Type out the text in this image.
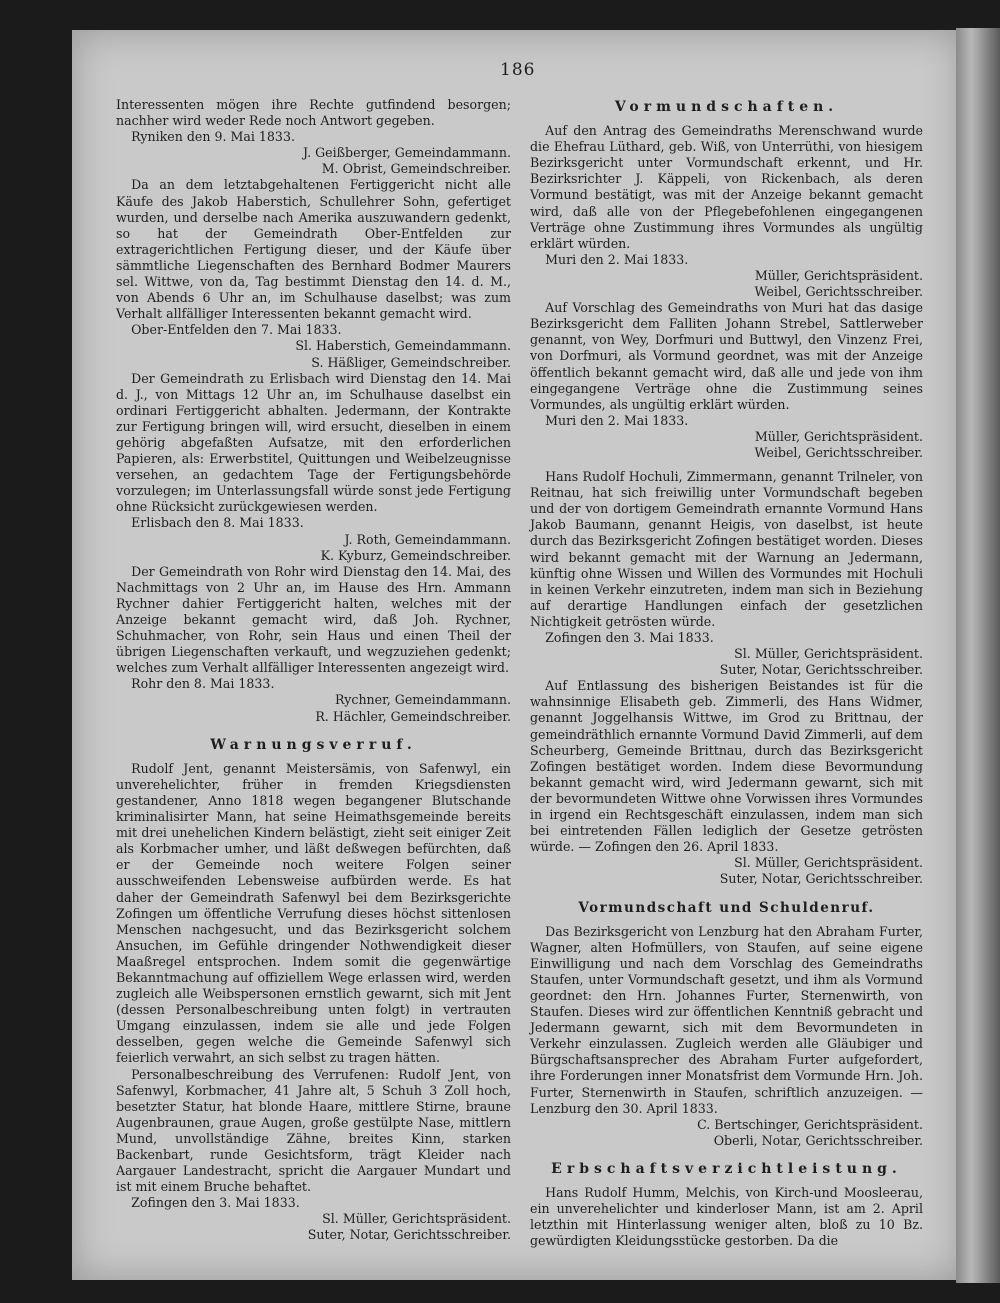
186

Interessenten mögen ihre Rechte gutfindend besorgen; nachher wird weder Rede noch Antwort gegeben.

Ryniken den 9. Mai 1833.

J. Geißberger, Gemeindammann.

M. Obrist, Gemeindschreiber.

Da an dem letztabgehaltenen Fertiggericht nicht alle Käufe des Jakob Haberstich, Schullehrer Sohn, gefertiget wurden, und derselbe nach Amerika auszuwandern gedenkt, so hat der Gemeindrath Ober-Entfelden zur extragerichtlichen Fertigung dieser, und der Käufe über sämmtliche Liegenschaften des Bernhard Bodmer Maurers sel. Wittwe, von da, Tag bestimmt Dienstag den 14. d. M., von Abends 6 Uhr an, im Schulhause daselbst; was zum Verhalt allfälliger Interessenten bekannt gemacht wird.

Ober-Entfelden den 7. Mai 1833.

Sl. Haberstich, Gemeindammann.

S. Häßliger, Gemeindschreiber.

Der Gemeindrath zu Erlisbach wird Dienstag den 14. Mai d. J., von Mittags 12 Uhr an, im Schulhause daselbst ein ordinari Fertiggericht abhalten. Jedermann, der Kontrakte zur Fertigung bringen will, wird ersucht, dieselben in einem gehörig abgefaßten Aufsatze, mit den erforderlichen Papieren, als: Erwerbstitel, Quittungen und Weibelzeugnisse versehen, an gedachtem Tage der Fertigungsbehörde vorzulegen; im Unterlassungsfall würde sonst jede Fertigung ohne Rücksicht zurückgewiesen werden.

Erlisbach den 8. Mai 1833.

J. Roth, Gemeindammann.

K. Kyburz, Gemeindschreiber.

Der Gemeindrath von Rohr wird Dienstag den 14. Mai, des Nachmittags von 2 Uhr an, im Hause des Hrn. Ammann Rychner dahier Fertiggericht halten, welches mit der Anzeige bekannt gemacht wird, daß Joh. Rychner, Schuhmacher, von Rohr, sein Haus und einen Theil der übrigen Liegenschaften verkauft, und wegzuziehen gedenkt; welches zum Verhalt allfälliger Interessenten angezeigt wird.

Rohr den 8. Mai 1833.

Rychner, Gemeindammann.

R. Hächler, Gemeindschreiber.

Warnungsverruf.

Rudolf Jent, genannt Meistersämis, von Safenwyl, ein unverehelichter, früher in fremden Kriegsdiensten gestandener, Anno 1818 wegen begangener Blutschande kriminalisirter Mann, hat seine Heimathsgemeinde bereits mit drei unehelichen Kindern belästigt, zieht seit einiger Zeit als Korbmacher umher, und läßt deßwegen befürchten, daß er der Gemeinde noch weitere Folgen seiner ausschweifenden Lebensweise aufbürden werde. Es hat daher der Gemeindrath Safenwyl bei dem Bezirksgerichte Zofingen um öffentliche Verrufung dieses höchst sittenlosen Menschen nachgesucht, und das Bezirksgericht solchem Ansuchen, im Gefühle dringender Nothwendigkeit dieser Maaßregel entsprochen. Indem somit die gegenwärtige Bekanntmachung auf offiziellem Wege erlassen wird, werden zugleich alle Weibspersonen ernstlich gewarnt, sich mit Jent (dessen Personalbeschreibung unten folgt) in vertrauten Umgang einzulassen, indem sie alle und jede Folgen desselben, gegen welche die Gemeinde Safenwyl sich feierlich verwahrt, an sich selbst zu tragen hätten.

Personalbeschreibung des Verrufenen: Rudolf Jent, von Safenwyl, Korbmacher, 41 Jahre alt, 5 Schuh 3 Zoll hoch, besetzter Statur, hat blonde Haare, mittlere Stirne, braune Augenbraunen, graue Augen, große gestülpte Nase, mittlern Mund, unvollständige Zähne, breites Kinn, starken Backenbart, runde Gesichtsform, trägt Kleider nach Aargauer Landestracht, spricht die Aargauer Mundart und ist mit einem Bruche behaftet.

Zofingen den 3. Mai 1833.

Sl. Müller, Gerichtspräsident.

Suter, Notar, Gerichtsschreiber.

Vormundschaften.

Auf den Antrag des Gemeindraths Merenschwand wurde die Ehefrau Lüthard, geb. Wiß, von Unterrüthi, von hiesigem Bezirksgericht unter Vormundschaft erkennt, und Hr. Bezirksrichter J. Käppeli, von Rickenbach, als deren Vormund bestätigt, was mit der Anzeige bekannt gemacht wird, daß alle von der Pflegebefohlenen eingegangenen Verträge ohne Zustimmung ihres Vormundes als ungültig erklärt würden.

Muri den 2. Mai 1833.

Müller, Gerichtspräsident.

Weibel, Gerichtsschreiber.

Auf Vorschlag des Gemeindraths von Muri hat das dasige Bezirksgericht dem Falliten Johann Strebel, Sattlerweber genannt, von Wey, Dorfmuri und Buttwyl, den Vinzenz Frei, von Dorfmuri, als Vormund geordnet, was mit der Anzeige öffentlich bekannt gemacht wird, daß alle und jede von ihm eingegangene Verträge ohne die Zustimmung seines Vormundes, als ungültig erklärt würden.

Muri den 2. Mai 1833.

Müller, Gerichtspräsident.

Weibel, Gerichtsschreiber.

Hans Rudolf Hochuli, Zimmermann, genannt Trilneler, von Reitnau, hat sich freiwillig unter Vormundschaft begeben und der von dortigem Gemeindrath ernannte Vormund Hans Jakob Baumann, genannt Heigis, von daselbst, ist heute durch das Bezirksgericht Zofingen bestätiget worden. Dieses wird bekannt gemacht mit der Warnung an Jedermann, künftig ohne Wissen und Willen des Vormundes mit Hochuli in keinen Verkehr einzutreten, indem man sich in Beziehung auf derartige Handlungen einfach der gesetzlichen Nichtigkeit getrösten würde.

Zofingen den 3. Mai 1833.

Sl. Müller, Gerichtspräsident.

Suter, Notar, Gerichtsschreiber.

Auf Entlassung des bisherigen Beistandes ist für die wahnsinnige Elisabeth geb. Zimmerli, des Hans Widmer, genannt Joggelhansis Wittwe, im Grod zu Brittnau, der gemeindräthlich ernannte Vormund David Zimmerli, auf dem Scheurberg, Gemeinde Brittnau, durch das Bezirksgericht Zofingen bestätiget worden. Indem diese Bevormundung bekannt gemacht wird, wird Jedermann gewarnt, sich mit der bevormundeten Wittwe ohne Vorwissen ihres Vormundes in irgend ein Rechtsgeschäft einzulassen, indem man sich bei eintretenden Fällen lediglich der Gesetze getrösten würde. — Zofingen den 26. April 1833.

Sl. Müller, Gerichtspräsident.

Suter, Notar, Gerichtsschreiber.

Vormundschaft und Schuldenruf.

Das Bezirksgericht von Lenzburg hat den Abraham Furter, Wagner, alten Hofmüllers, von Staufen, auf seine eigene Einwilligung und nach dem Vorschlag des Gemeindraths Staufen, unter Vormundschaft gesetzt, und ihm als Vormund geordnet: den Hrn. Johannes Furter, Sternenwirth, von Staufen. Dieses wird zur öffentlichen Kenntniß gebracht und Jedermann gewarnt, sich mit dem Bevormundeten in Verkehr einzulassen. Zugleich werden alle Gläubiger und Bürgschaftsansprecher des Abraham Furter aufgefordert, ihre Forderungen inner Monatsfrist dem Vormunde Hrn. Joh. Furter, Sternenwirth in Staufen, schriftlich anzuzeigen. — Lenzburg den 30. April 1833.

C. Bertschinger, Gerichtspräsident.

Oberli, Notar, Gerichtsschreiber.

Erbschaftsverzichtleistung.

Hans Rudolf Humm, Melchis, von Kirch-und Moosleerau, ein unverehelichter und kinderloser Mann, ist am 2. April letzthin mit Hinterlassung weniger alten, bloß zu 10 Bz. gewürdigten Kleidungsstücke gestorben. Da die
